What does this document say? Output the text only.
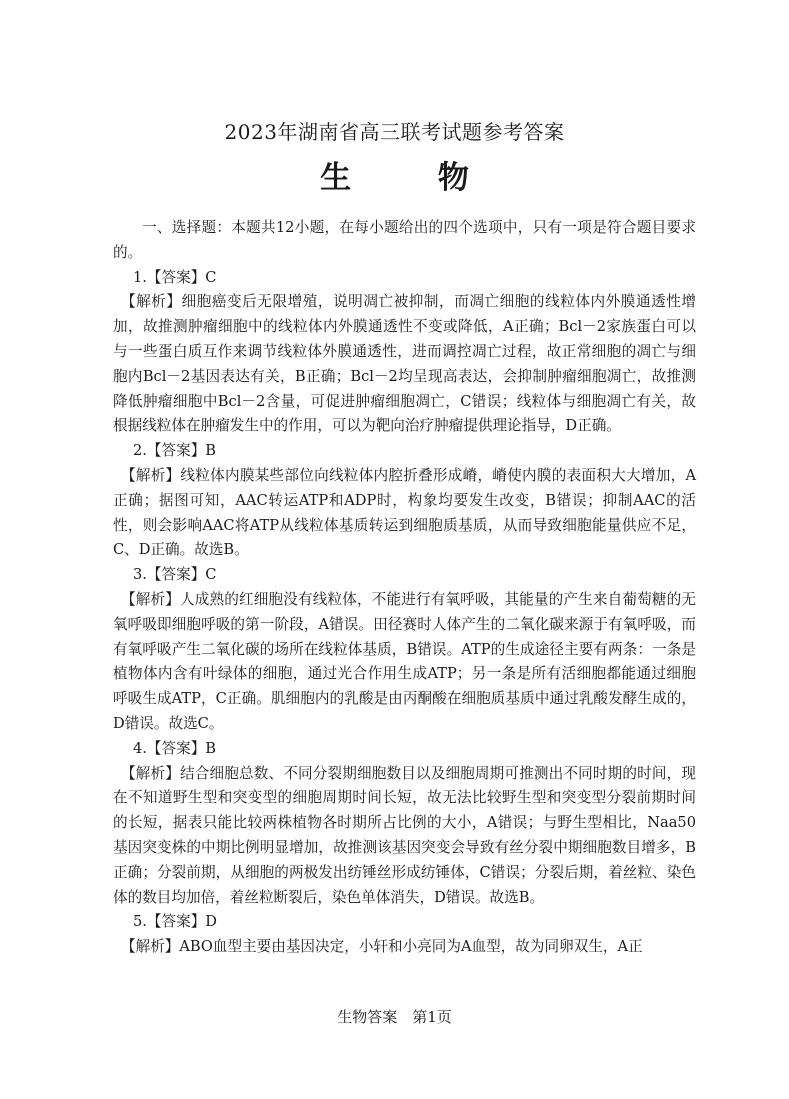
2023年湖南省高三联考试题参考答案
生 物

一、选择题：本题共12小题，在每小题给出的四个选项中，只有一项是符合题目要求的。

1.【答案】C

【解析】细胞癌变后无限增殖，说明凋亡被抑制，而凋亡细胞的线粒体内外膜通透性增加，故推测肿瘤细胞中的线粒体内外膜通透性不变或降低，A正确；Bcl－2家族蛋白可以与一些蛋白质互作来调节线粒体外膜通透性，进而调控凋亡过程，故正常细胞的凋亡与细胞内Bcl－2基因表达有关，B正确；Bcl－2均呈现高表达，会抑制肿瘤细胞凋亡，故推测降低肿瘤细胞中Bcl－2含量，可促进肿瘤细胞凋亡，C错误；线粒体与细胞凋亡有关，故根据线粒体在肿瘤发生中的作用，可以为靶向治疗肿瘤提供理论指导，D正确。

2.【答案】B

【解析】线粒体内膜某些部位向线粒体内腔折叠形成嵴，嵴使内膜的表面积大大增加，A正确；据图可知，AAC转运ATP和ADP时，构象均要发生改变，B错误；抑制AAC的活性，则会影响AAC将ATP从线粒体基质转运到细胞质基质，从而导致细胞能量供应不足，C、D正确。故选B。

3.【答案】C

【解析】人成熟的红细胞没有线粒体，不能进行有氧呼吸，其能量的产生来自葡萄糖的无氧呼吸即细胞呼吸的第一阶段，A错误。田径赛时人体产生的二氧化碳来源于有氧呼吸，而有氧呼吸产生二氧化碳的场所在线粒体基质，B错误。ATP的生成途径主要有两条：一条是植物体内含有叶绿体的细胞，通过光合作用生成ATP；另一条是所有活细胞都能通过细胞呼吸生成ATP，C正确。肌细胞内的乳酸是由丙酮酸在细胞质基质中通过乳酸发酵生成的，D错误。故选C。

4.【答案】B

【解析】结合细胞总数、不同分裂期细胞数目以及细胞周期可推测出不同时期的时间，现在不知道野生型和突变型的细胞周期时间长短，故无法比较野生型和突变型分裂前期时间的长短，据表只能比较两株植物各时期所占比例的大小，A错误；与野生型相比，Naa50基因突变株的中期比例明显增加，故推测该基因突变会导致有丝分裂中期细胞数目增多，B正确；分裂前期，从细胞的两极发出纺锤丝形成纺锤体，C错误；分裂后期，着丝粒、染色体的数目均加倍，着丝粒断裂后，染色单体消失，D错误。故选B。

5.【答案】D

【解析】ABO血型主要由基因决定，小轩和小亮同为A血型，故为同卵双生，A正

生物答案　第1页
